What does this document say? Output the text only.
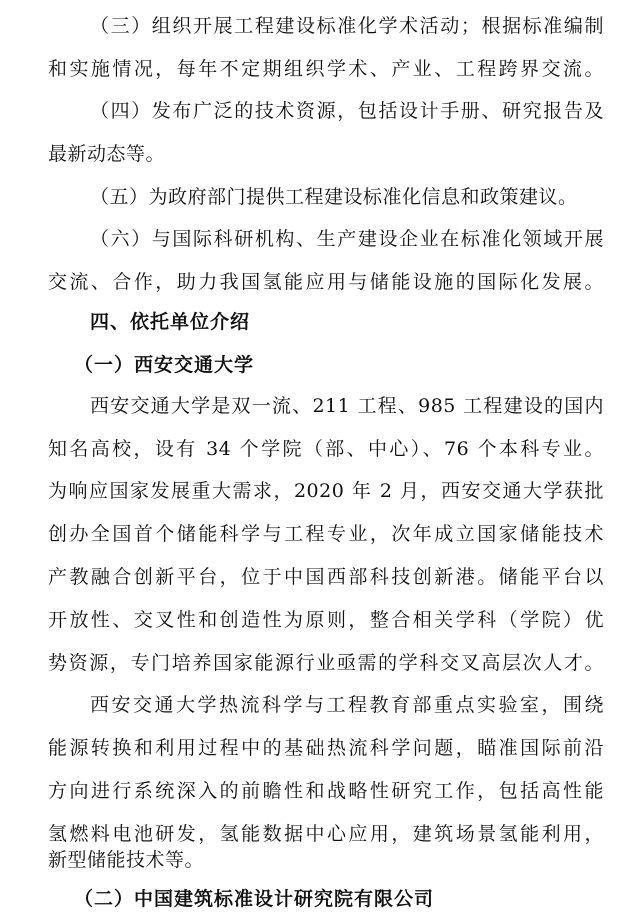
（三）组织开展工程建设标准化学术活动；根据标准编制
和实施情况，每年不定期组织学术、产业、工程跨界交流。
（四）发布广泛的技术资源，包括设计手册、研究报告及
最新动态等。
（五）为政府部门提供工程建设标准化信息和政策建议。
（六）与国际科研机构、生产建设企业在标准化领域开展
交流、合作，助力我国氢能应用与储能设施的国际化发展。
四、依托单位介绍
（一）西安交通大学
西安交通大学是双一流、211 工程、985 工程建设的国内
知名高校，设有 34 个学院（部、中心）、76 个本科专业。
为响应国家发展重大需求，2020 年 2 月，西安交通大学获批
创办全国首个储能科学与工程专业，次年成立国家储能技术
产教融合创新平台，位于中国西部科技创新港。储能平台以
开放性、交叉性和创造性为原则，整合相关学科（学院）优
势资源，专门培养国家能源行业亟需的学科交叉高层次人才。
西安交通大学热流科学与工程教育部重点实验室，围绕
能源转换和利用过程中的基础热流科学问题，瞄准国际前沿
方向进行系统深入的前瞻性和战略性研究工作，包括高性能
氢燃料电池研发，氢能数据中心应用，建筑场景氢能利用，
新型储能技术等。
（二）中国建筑标准设计研究院有限公司
